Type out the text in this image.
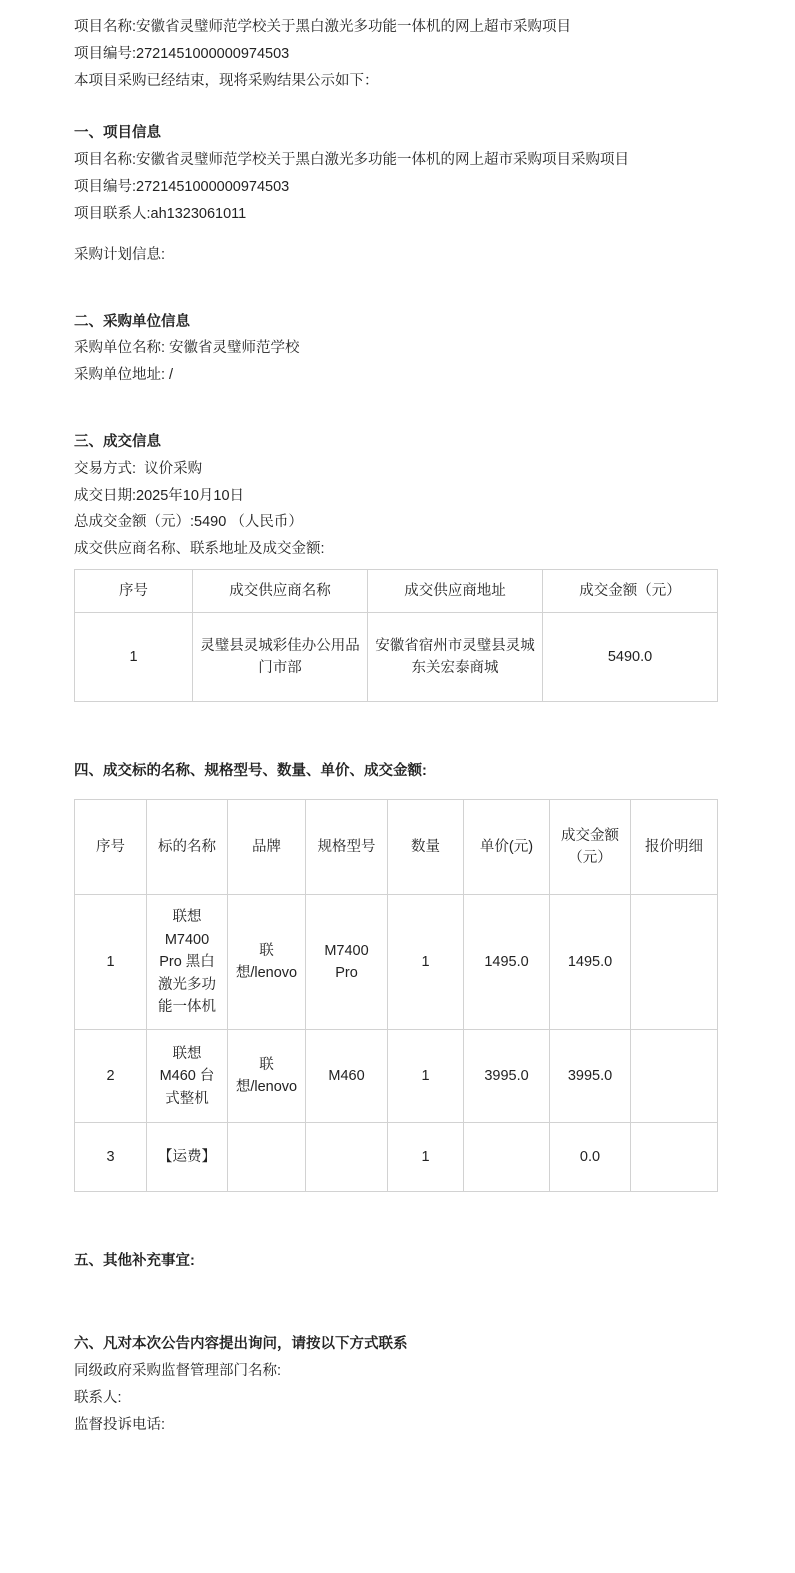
项目名称:安徽省灵璧师范学校关于黑白激光多功能一体机的网上超市采购项目

项目编号:2721451000000974503

本项目采购已经结束，现将采购结果公示如下：

一、项目信息

项目名称:安徽省灵璧师范学校关于黑白激光多功能一体机的网上超市采购项目采购项目

项目编号:2721451000000974503

项目联系人:ah1323061011

采购计划信息:

二、采购单位信息

采购单位名称: 安徽省灵璧师范学校

采购单位地址: /

三、成交信息

交易方式:  议价采购

成交日期:2025年10月10日

总成交金额（元）:5490 （人民币）

成交供应商名称、联系地址及成交金额:

序号	成交供应商名称	成交供应商地址	成交金额（元）
1	灵璧县灵城彩佳办公用品门市部	安徽省宿州市灵璧县灵城东关宏泰商城	5490.0

四、成交标的名称、规格型号、数量、单价、成交金额:

序号	标的名称	品牌	规格型号	数量	单价(元)	成交金额（元）	报价明细
1	联想 M7400 Pro 黑白激光多功能一体机	联想/lenovo	M7400 Pro	1	1495.0	1495.0	
2	联想 M460 台式整机	联想/lenovo	M460	1	3995.0	3995.0	
3	【运费】			1		0.0	

五、其他补充事宜:

六、凡对本次公告内容提出询问，请按以下方式联系

同级政府采购监督管理部门名称:

联系人:

监督投诉电话:
